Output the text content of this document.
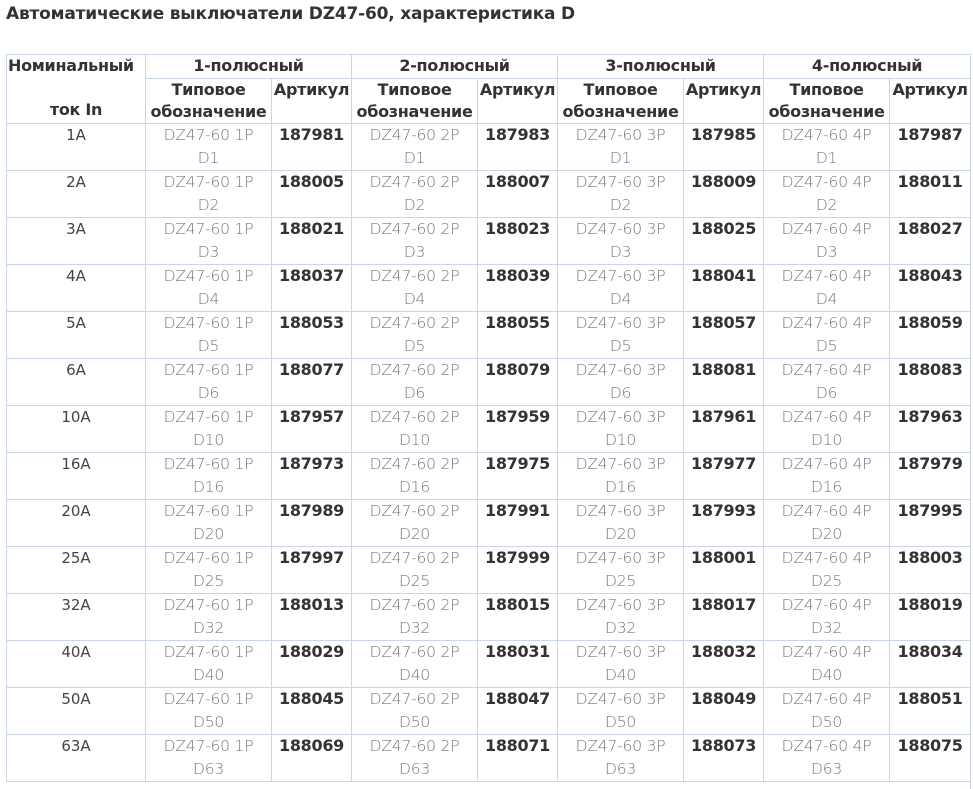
Автоматические выключатели DZ47-60, характеристика D
Номинальный
ток In	1-полюсный		2-полюсный		3-полюсный		4-полюсный	
	Типовое обозначение	Артикул	Типовое обозначение	Артикул	Типовое обозначение	Артикул	Типовое обозначение	Артикул
1A	DZ47-60 1P
D1	187981	DZ47-60 2P
D1	187983	DZ47-60 3P
D1	187985	DZ47-60 4P
D1	187987
2A	DZ47-60 1P
D2	188005	DZ47-60 2P
D2	188007	DZ47-60 3P
D2	188009	DZ47-60 4P
D2	188011
3A	DZ47-60 1P
D3	188021	DZ47-60 2P
D3	188023	DZ47-60 3P
D3	188025	DZ47-60 4P
D3	188027
4A	DZ47-60 1P
D4	188037	DZ47-60 2P
D4	188039	DZ47-60 3P
D4	188041	DZ47-60 4P
D4	188043
5A	DZ47-60 1P
D5	188053	DZ47-60 2P
D5	188055	DZ47-60 3P
D5	188057	DZ47-60 4P
D5	188059
6A	DZ47-60 1P
D6	188077	DZ47-60 2P
D6	188079	DZ47-60 3P
D6	188081	DZ47-60 4P
D6	188083
10A	DZ47-60 1P
D10	187957	DZ47-60 2P
D10	187959	DZ47-60 3P
D10	187961	DZ47-60 4P
D10	187963
16A	DZ47-60 1P
D16	187973	DZ47-60 2P
D16	187975	DZ47-60 3P
D16	187977	DZ47-60 4P
D16	187979
20A	DZ47-60 1P
D20	187989	DZ47-60 2P
D20	187991	DZ47-60 3P
D20	187993	DZ47-60 4P
D20	187995
25A	DZ47-60 1P
D25	187997	DZ47-60 2P
D25	187999	DZ47-60 3P
D25	188001	DZ47-60 4P
D25	188003
32A	DZ47-60 1P
D32	188013	DZ47-60 2P
D32	188015	DZ47-60 3P
D32	188017	DZ47-60 4P
D32	188019
40A	DZ47-60 1P
D40	188029	DZ47-60 2P
D40	188031	DZ47-60 3P
D40	188032	DZ47-60 4P
D40	188034
50A	DZ47-60 1P
D50	188045	DZ47-60 2P
D50	188047	DZ47-60 3P
D50	188049	DZ47-60 4P
D50	188051
63A	DZ47-60 1P
D63	188069	DZ47-60 2P
D63	188071	DZ47-60 3P
D63	188073	DZ47-60 4P
D63	188075
